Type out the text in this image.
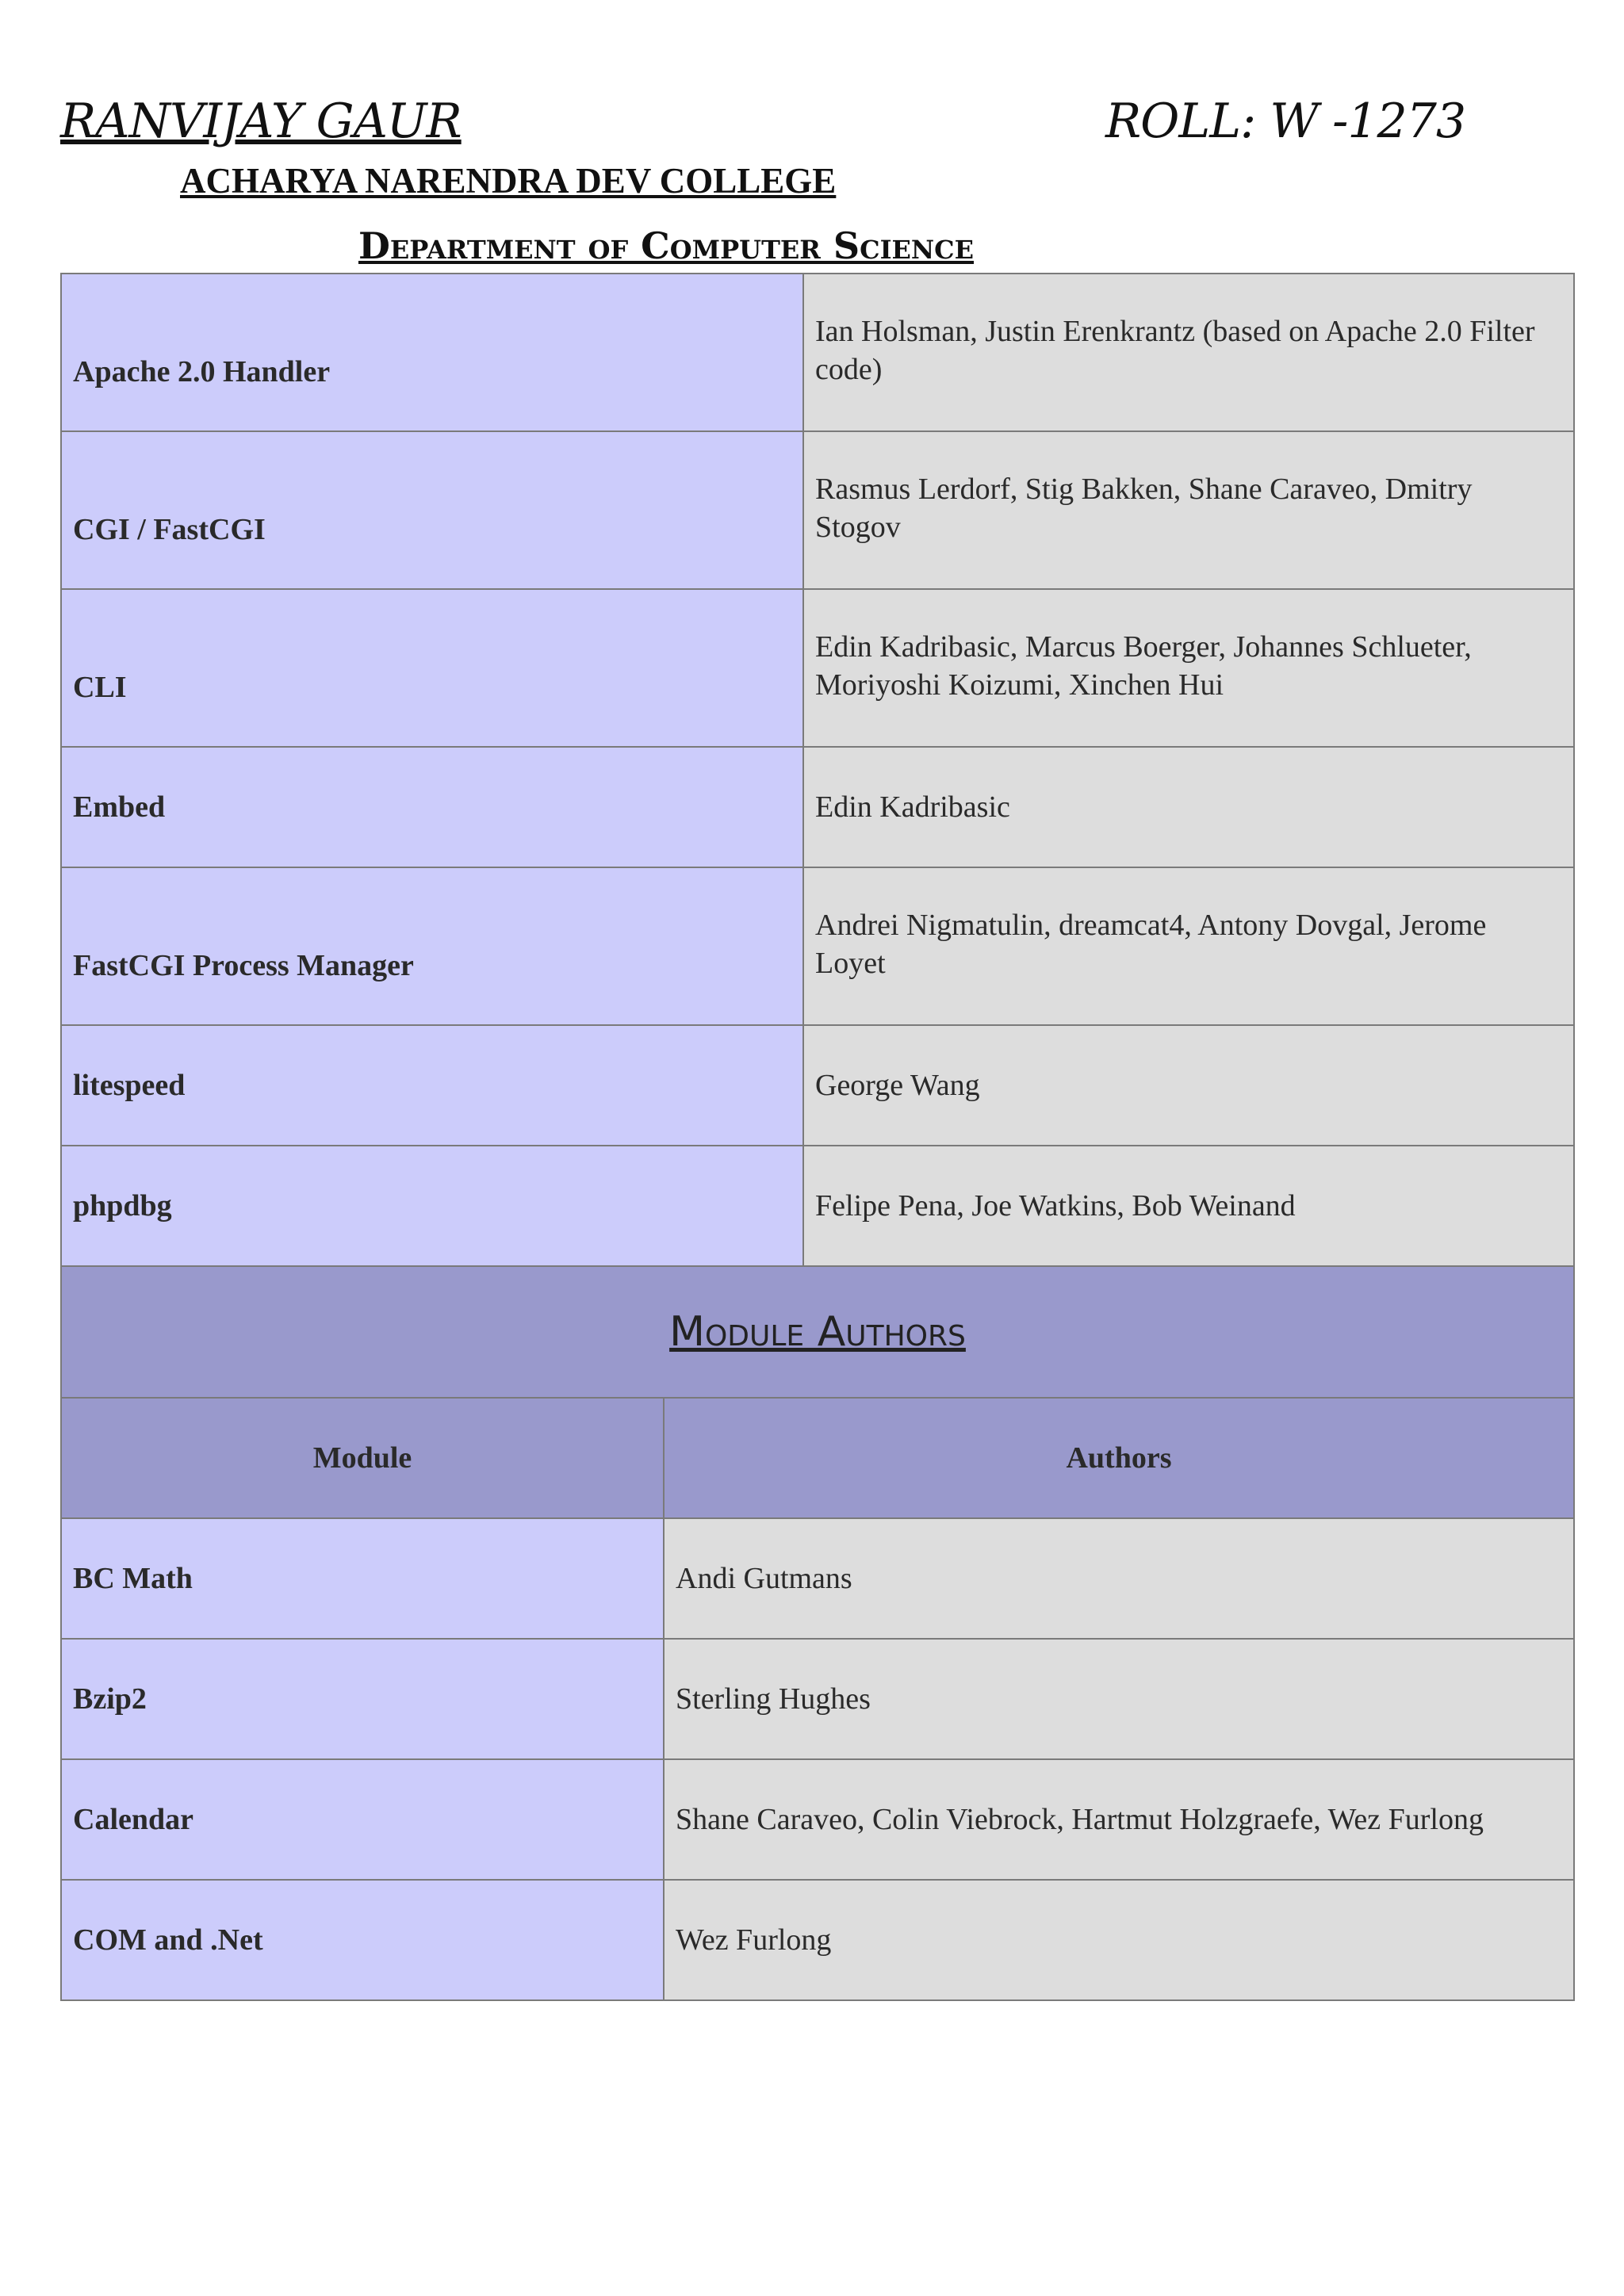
RANVIJAY GAUR	ROLL: W -1273
ACHARYA NARENDRA DEV COLLEGE
Department of Computer Science
Apache 2.0 Handler	Ian Holsman, Justin Erenkrantz (based on Apache 2.0 Filter code)

CGI / FastCGI	Rasmus Lerdorf, Stig Bakken, Shane Caraveo, Dmitry Stogov

CLI	Edin Kadribasic, Marcus Boerger, Johannes Schlueter, Moriyoshi Koizumi, Xinchen Hui

Embed	Edin Kadribasic

FastCGI Process Manager	Andrei Nigmatulin, dreamcat4, Antony Dovgal, Jerome Loyet

litespeed	George Wang

phpdbg	Felipe Pena, Joe Watkins, Bob Weinand
Module Authors	
Module	Authors

BC Math	Andi Gutmans

Bzip2	Sterling Hughes

Calendar	Shane Caraveo, Colin Viebrock, Hartmut Holzgraefe, Wez Furlong

COM and .Net	Wez Furlong
